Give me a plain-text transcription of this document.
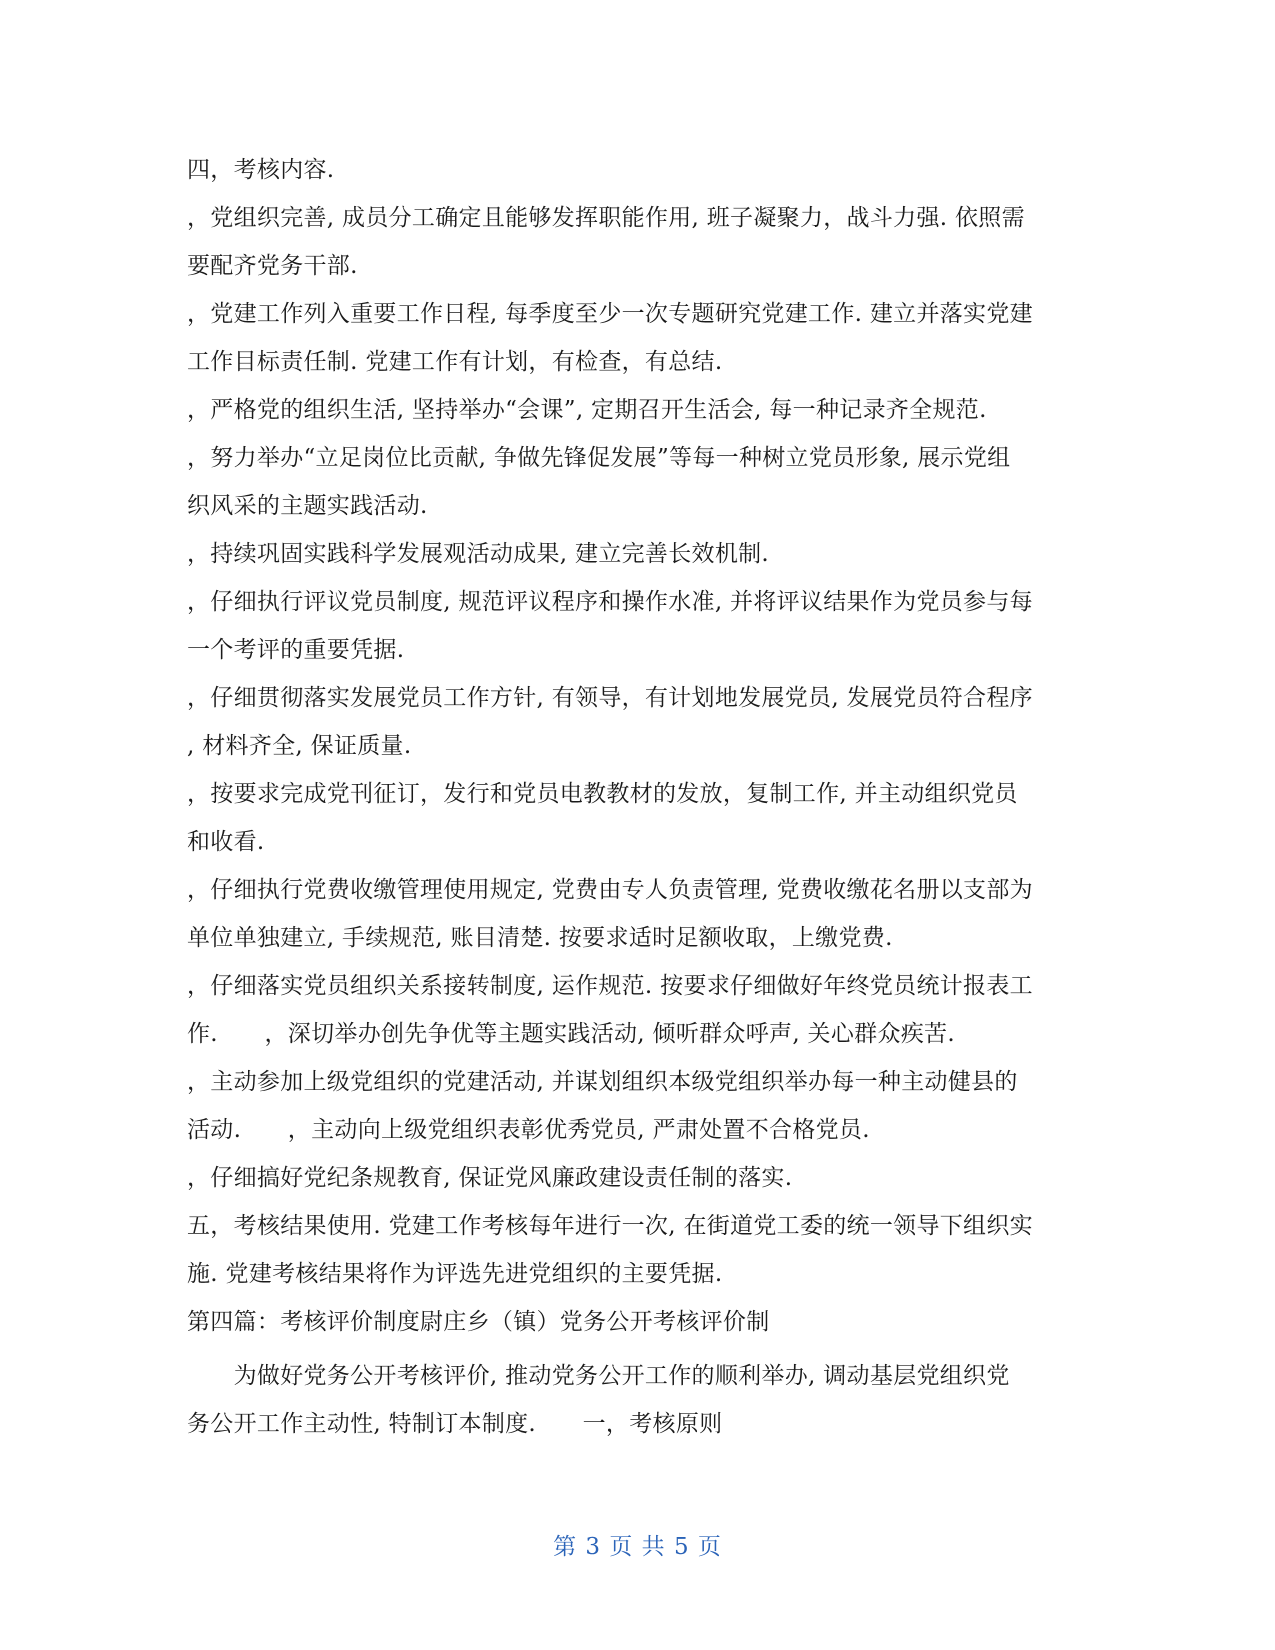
四，考核内容.
，党组织完善, 成员分工确定且能够发挥职能作用, 班子凝聚力，战斗力强. 依照需
要配齐党务干部.
，党建工作列入重要工作日程, 每季度至少一次专题研究党建工作. 建立并落实党建
工作目标责任制. 党建工作有计划，有检查，有总结.
，严格党的组织生活, 坚持举办“会课”, 定期召开生活会, 每一种记录齐全规范.
，努力举办“立足岗位比贡献, 争做先锋促发展”等每一种树立党员形象, 展示党组
织风采的主题实践活动.
，持续巩固实践科学发展观活动成果, 建立完善长效机制.
，仔细执行评议党员制度, 规范评议程序和操作水准, 并将评议结果作为党员参与每
一个考评的重要凭据.
，仔细贯彻落实发展党员工作方针, 有领导，有计划地发展党员, 发展党员符合程序
, 材料齐全, 保证质量.
，按要求完成党刊征订，发行和党员电教教材的发放，复制工作, 并主动组织党员
和收看.
，仔细执行党费收缴管理使用规定, 党费由专人负责管理, 党费收缴花名册以支部为
单位单独建立, 手续规范, 账目清楚. 按要求适时足额收取，上缴党费.
，仔细落实党员组织关系接转制度, 运作规范. 按要求仔细做好年终党员统计报表工
作.　　，深切举办创先争优等主题实践活动, 倾听群众呼声, 关心群众疾苦.
，主动参加上级党组织的党建活动, 并谋划组织本级党组织举办每一种主动健县的
活动.　　，主动向上级党组织表彰优秀党员, 严肃处置不合格党员.
，仔细搞好党纪条规教育, 保证党风廉政建设责任制的落实.
五，考核结果使用. 党建工作考核每年进行一次, 在街道党工委的统一领导下组织实
施. 党建考核结果将作为评选先进党组织的主要凭据.
第四篇：考核评价制度尉庄乡（镇）党务公开考核评价制
　　为做好党务公开考核评价, 推动党务公开工作的顺利举办, 调动基层党组织党
务公开工作主动性, 特制订本制度.　　一，考核原则
第 3 页 共 5 页
